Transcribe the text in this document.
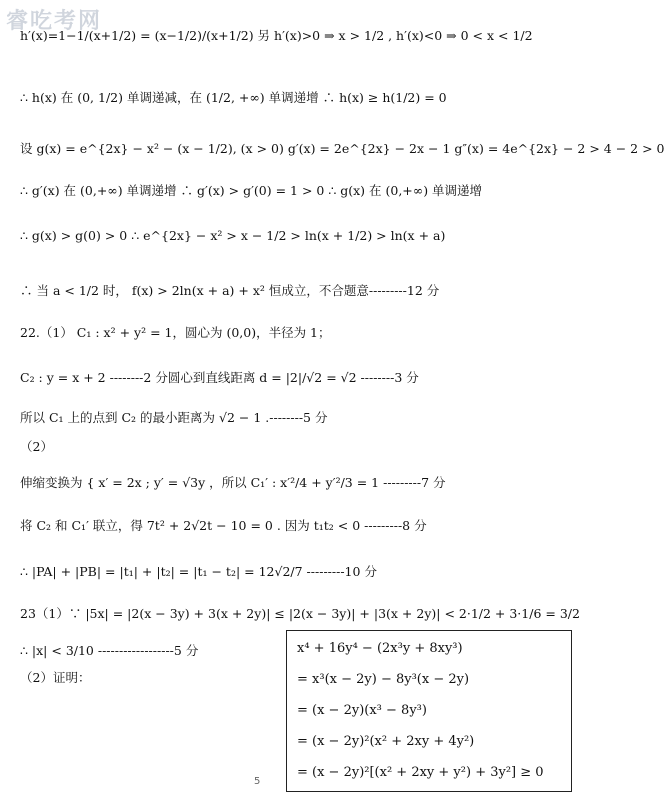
睿吃考网
h′(x)=1−1/(x+1/2) = (x−1/2)/(x+1/2) 另 h′(x)>0 ⇒ x > 1/2 , h′(x)<0 ⇒ 0 < x < 1/2
∴ h(x) 在 (0, 1/2) 单调递减，在 (1/2, +∞) 单调递增 ∴ h(x) ≥ h(1/2) = 0
设 g(x) = e^{2x} − x² − (x − 1/2), (x > 0) g′(x) = 2e^{2x} − 2x − 1 g″(x) = 4e^{2x} − 2 > 4 − 2 > 0
∴ g′(x) 在 (0,+∞) 单调递增 ∴ g′(x) > g′(0) = 1 > 0 ∴ g(x) 在 (0,+∞) 单调递增
∴ g(x) > g(0) > 0 ∴ e^{2x} − x² > x − 1/2 > ln(x + 1/2) > ln(x + a)
∴ 当 a < 1/2 时， f(x) > 2ln(x + a) + x² 恒成立，不合题意---------12 分
22.（1） C₁ : x² + y² = 1，圆心为 (0,0)，半径为 1；
C₂ : y = x + 2 --------2 分圆心到直线距离 d = |2|/√2 = √2 --------3 分
所以 C₁ 上的点到 C₂ 的最小距离为 √2 − 1 .--------5 分
（2）
伸缩变换为 { x′ = 2x ; y′ = √3y ，所以 C₁′ : x′²/4 + y′²/3 = 1 ---------7 分
将 C₂ 和 C₁′ 联立，得 7t² + 2√2t − 10 = 0 . 因为 t₁t₂ < 0 ---------8 分
∴ |PA| + |PB| = |t₁| + |t₂| = |t₁ − t₂| = 12√2/7 ---------10 分
23（1）∵ |5x| = |2(x − 3y) + 3(x + 2y)| ≤ |2(x − 3y)| + |3(x + 2y)| < 2·1/2 + 3·1/6 = 3/2
∴ |x| < 3/10 ------------------5 分
（2）证明：
x⁴ + 16y⁴ − (2x³y + 8xy³)
= x³(x − 2y) − 8y³(x − 2y)
= (x − 2y)(x³ − 8y³)
= (x − 2y)²(x² + 2xy + 4y²)
= (x − 2y)²[(x² + 2xy + y²) + 3y²] ≥ 0
5
